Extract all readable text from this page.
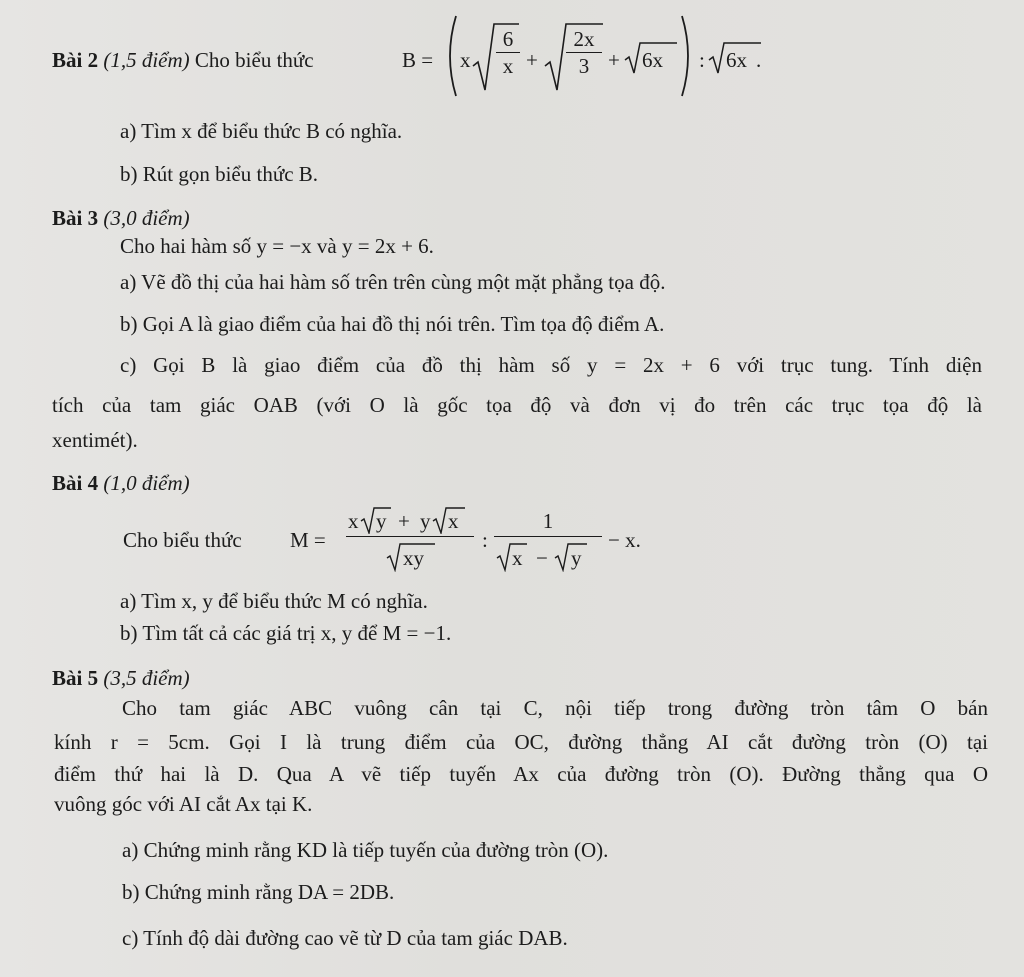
Bài 2 (1,5 điểm) Cho biểu thức	B = x $\frac{6}{x} + \frac{2x}{3} + 6x$ : 6x .
a) Tìm x để biểu thức B có nghĩa.
b) Rút gọn biểu thức B.
Bài 3 (3,0 điểm)
Cho hai hàm số y = −x và y = 2x + 6.
a) Vẽ đồ thị của hai hàm số trên trên cùng một mặt phẳng tọa độ.
b) Gọi A là giao điểm của hai đồ thị nói trên. Tìm tọa độ điểm A.
c) Gọi B là giao điểm của đồ thị hàm số y = 2x + 6 với trục tung. Tính diện
tích của tam giác OAB (với O là gốc tọa độ và đơn vị đo trên các trục tọa độ là
xentimét).
Bài 4 (1,0 điểm)
Cho biểu thức M =
x y + y x
xy
:
1
x − y
− x.
a) Tìm x, y để biểu thức M có nghĩa.
b) Tìm tất cả các giá trị x, y để M = −1.
Bài 5 (3,5 điểm)
Cho tam giác ABC vuông cân tại C, nội tiếp trong đường tròn tâm O bán
kính r = 5cm. Gọi I là trung điểm của OC, đường thẳng AI cắt đường tròn (O) tại
điểm thứ hai là D. Qua A vẽ tiếp tuyến Ax của đường tròn (O). Đường thẳng qua O
vuông góc với AI cắt Ax tại K.
a) Chứng minh rằng KD là tiếp tuyến của đường tròn (O).
b) Chứng minh rằng DA = 2DB.
c) Tính độ dài đường cao vẽ từ D của tam giác DAB.
